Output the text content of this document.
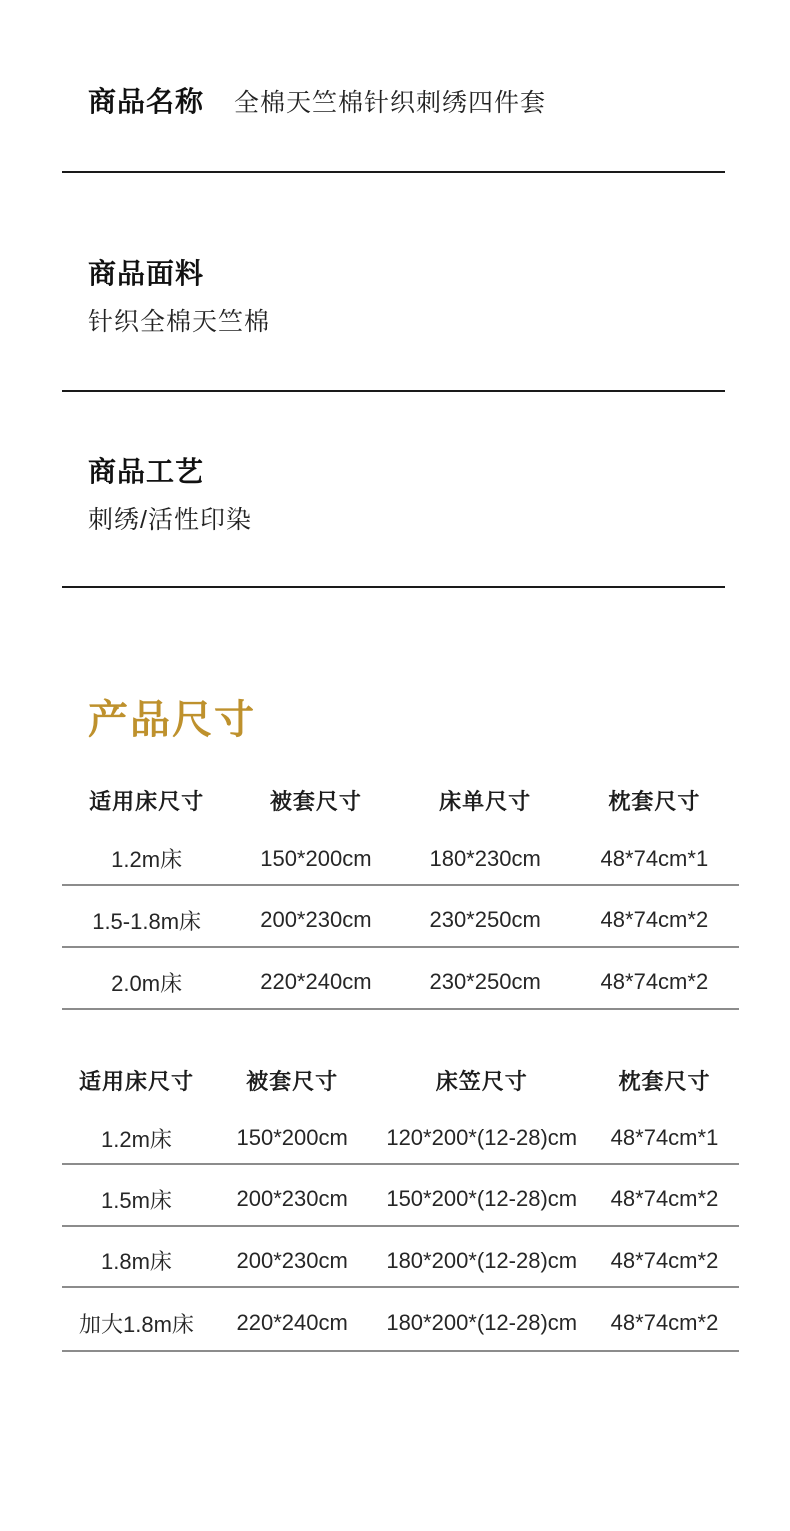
商品名称 全棉天竺棉针织刺绣四件套
商品面料
针织全棉天竺棉
商品工艺
刺绣/活性印染
产品尺寸
适用床尺寸	被套尺寸	床单尺寸	枕套尺寸
1.2m床	150*200cm	180*230cm	48*74cm*1
1.5-1.8m床	200*230cm	230*250cm	48*74cm*2
2.0m床	220*240cm	230*250cm	48*74cm*2
适用床尺寸	被套尺寸	床笠尺寸	枕套尺寸
1.2m床	150*200cm	120*200*(12-28)cm	48*74cm*1
1.5m床	200*230cm	150*200*(12-28)cm	48*74cm*2
1.8m床	200*230cm	180*200*(12-28)cm	48*74cm*2
加大1.8m床	220*240cm	180*200*(12-28)cm	48*74cm*2
